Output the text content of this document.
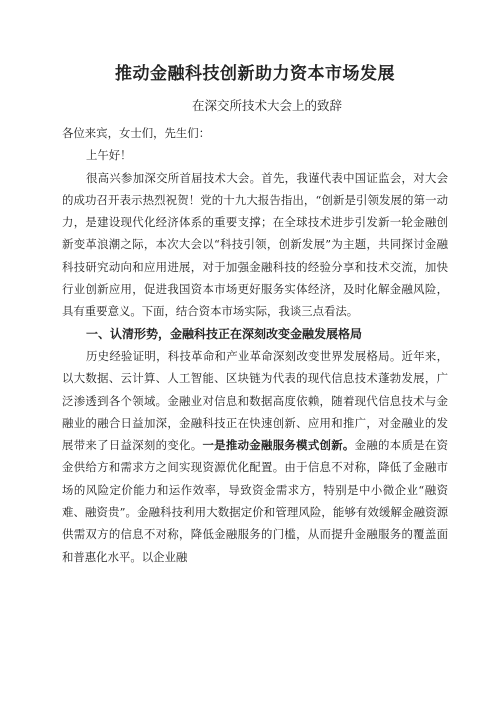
推动金融科技创新助力资本市场发展
在深交所技术大会上的致辞

各位来宾，女士们，先生们：

上午好！

很高兴参加深交所首届技术大会。首先，我谨代表中国证监会，对大会的成功召开表示热烈祝贺！党的十九大报告指出，“创新是引领发展的第一动力，是建设现代化经济体系的重要支撑；在全球技术进步引发新一轮金融创新变革浪潮之际，本次大会以“科技引领，创新发展”为主题，共同探讨金融科技研究动向和应用进展，对于加强金融科技的经验分享和技术交流，加快行业创新应用，促进我国资本市场更好服务实体经济，及时化解金融风险，具有重要意义。下面，结合资本市场实际，我谈三点看法。

一、认清形势，金融科技正在深刻改变金融发展格局

历史经验证明，科技革命和产业革命深刻改变世界发展格局。近年来，以大数据、云计算、人工智能、区块链为代表的现代信息技术蓬勃发展，广泛渗透到各个领域。金融业对信息和数据高度依赖，随着现代信息技术与金融业的融合日益加深，金融科技正在快速创新、应用和推广，对金融业的发展带来了日益深刻的变化。一是推动金融服务模式创新。金融的本质是在资金供给方和需求方之间实现资源优化配置。由于信息不对称，降低了金融市场的风险定价能力和运作效率，导致资金需求方，特别是中小微企业“融资难、融资贵”。金融科技利用大数据定价和管理风险，能够有效缓解金融资源供需双方的信息不对称，降低金融服务的门槛，从而提升金融服务的覆盖面和普惠化水平。以企业融
